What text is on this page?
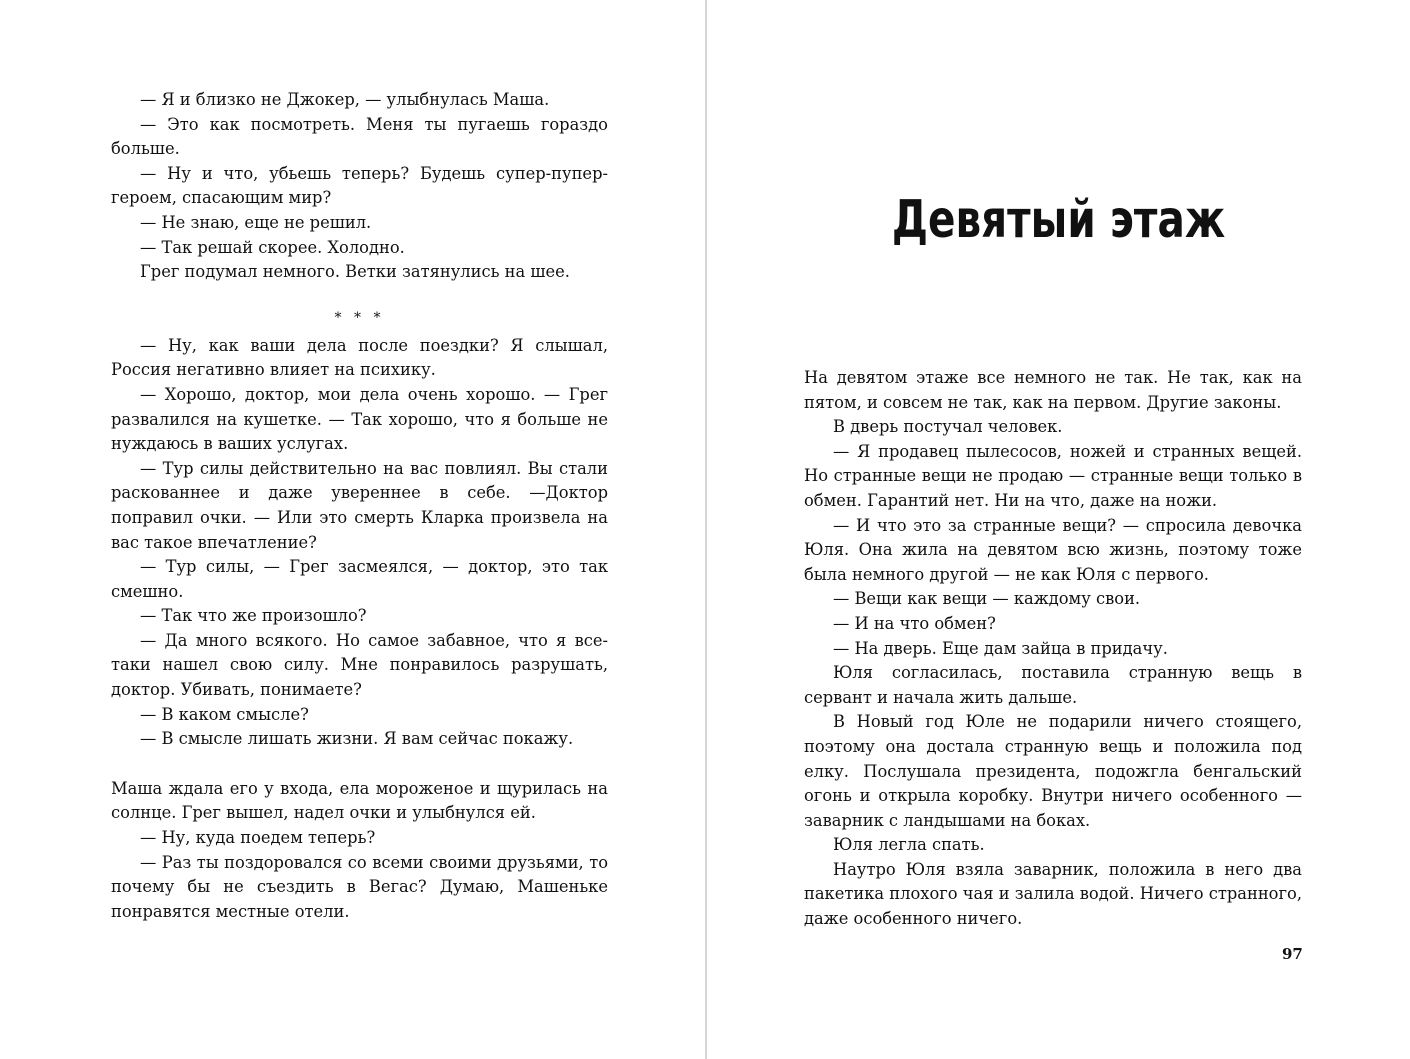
— Я и близко не Джокер, — улыбнулась Маша.

— Это как посмотреть. Меня ты пугаешь гораздо больше.

— Ну и что, убьешь теперь? Будешь супер-пупер-героем, спасающим мир?

— Не знаю, еще не решил.

— Так решай скорее. Холодно.

Грег подумал немного. Ветки затянулись на шее.

* * *

— Ну, как ваши дела после поездки? Я слышал, Россия негативно влияет на психику.

— Хорошо, доктор, мои дела очень хорошо. — Грег развалился на кушетке. — Так хорошо, что я больше не нуждаюсь в ваших услугах.

— Тур силы действительно на вас повлиял. Вы стали раскованнее и даже увереннее в себе. —Доктор поправил очки. — Или это смерть Кларка произвела на вас такое впечатление?

— Тур силы, — Грег засмеялся, — доктор, это так смешно.

— Так что же произошло?

— Да много всякого. Но самое забавное, что я все-таки нашел свою силу. Мне понравилось разрушать, доктор. Убивать, понимаете?

— В каком смысле?

— В смысле лишать жизни. Я вам сейчас покажу.

Маша ждала его у входа, ела мороженое и щурилась на солнце. Грег вышел, надел очки и улыбнулся ей.

— Ну, куда поедем теперь?

— Раз ты поздоровался со всеми своими друзьями, то почему бы не съездить в Вегас? Думаю, Машеньке понравятся местные отели.

Девятый этаж

На девятом этаже все немного не так. Не так, как на пятом, и совсем не так, как на первом. Другие законы.

В дверь постучал человек.

— Я продавец пылесосов, ножей и странных вещей. Но странные вещи не продаю — странные вещи только в обмен. Гарантий нет. Ни на что, даже на ножи.

— И что это за странные вещи? — спросила девочка Юля. Она жила на девятом всю жизнь, поэтому тоже была немного другой — не как Юля с первого.

— Вещи как вещи — каждому свои.

— И на что обмен?

— На дверь. Еще дам зайца в придачу.

Юля согласилась, поставила странную вещь в сервант и начала жить дальше.

В Новый год Юле не подарили ничего стоящего, поэтому она достала странную вещь и положила под елку. Послушала президента, подожгла бенгальский огонь и открыла коробку. Внутри ничего особенного — заварник с ландышами на боках.

Юля легла спать.

Наутро Юля взяла заварник, положила в него два пакетика плохого чая и залила водой. Ничего странного, даже особенного ничего.

97
